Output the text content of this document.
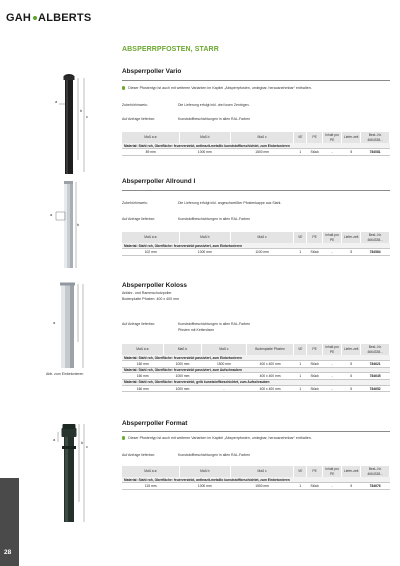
GAH ALBERTS
ABSPERRPFOSTEN, STARR
Absperrpoller Vario
Dieser Pfostentyp ist auch mit weiteren Varianten im Kapitel „Absperrpfosten, umlegbar, herausnehmbar“ enthalten.
Zubehörhinweis:	Die Lieferung erfolgt inkl. drei losen Zentrigen.
Auf Anfrage lieferbar:	Kunststoffbeschichtungen in allen RAL-Farben
Maß a ø	Maß b	Maß c	VE	PE	Inhalt pro PE	Liefer-zeit	Best.-Nr. 4664338...
Material: Stahl roh, Oberfläche: feuerverzinkt, anthrazit-metallic kunststoffbeschichtet, zum Einbetonieren							
89 mm	1000 mm	1500 mm	1	Stück	-	5	784081
a
b
c
Absperrpoller Allround I
Zubehörhinweis:	Die Lieferung erfolgt inkl. angeschweißter Pfostenkappe aus Stahl.
Auf Anfrage lieferbar:	Kunststoffbeschichtungen in allen RAL-Farben
Maß a ø	Maß b	Maß c	VE	PE	Inhalt pro PE	Liefer-zeit	Best.-Nr. 4664338...
Material: Stahl roh, Oberfläche: feuerverzinkt passiviert, zum Einbetonieren							
102 mm	1000 mm	1100 mm	1	Stück	-	5	784584
a
b
Absperrpoller Koloss
Anfahr- und Rammschutzpoller
Bodenplatte Pfosten: 400 x 400 mm
Auf Anfrage lieferbar:	Kunststoffbeschichtungen in allen RAL-Farben
Pfosten mit Kettenösen
Maß a ø	Maß b	Maß c	Bodenplatte Pfosten	VE	PE	Inhalt pro PE	Liefer-zeit	Best.-Nr. 4664338...
Material: Stahl roh, Oberfläche: feuerverzinkt passiviert, zum Einbetonieren								
160 mm	1000 mm	1500 mm	400 x 400 mm	1	Stück	-	5	784621
Material: Stahl roh, Oberfläche: feuerverzinkt passiviert, zum Aufschrauben								
160 mm	1000 mm	-	400 x 400 mm	1	Stück	-	5	784645
Material: Stahl roh, Oberfläche: feuerverzinkt, gelb kunststoffbeschichtet, zum Aufschrauben								
160 mm	1000 mm	-	400 x 400 mm	1	Stück	-	5	784652
a
Abb. zum Einbetonieren
Absperrpoller Format
Dieser Pfostentyp ist auch mit weiteren Varianten im Kapitel „Absperrpfosten, umlegbar, herausnehmbar“ enthalten.
Auf Anfrage lieferbar:	Kunststoffbeschichtungen in allen RAL-Farben
Maß a ø	Maß b	Maß c	VE	PE	Inhalt pro PE	Liefer-zeit	Best.-Nr. 4664338...
Material: Stahl roh, Oberfläche: feuerverzinkt, anthrazit-metallic kunststoffbeschichtet, zum Einbetonieren							
115 mm	1000 mm	1500 mm	1	Stück	-	5	784676
a
b
c
28
